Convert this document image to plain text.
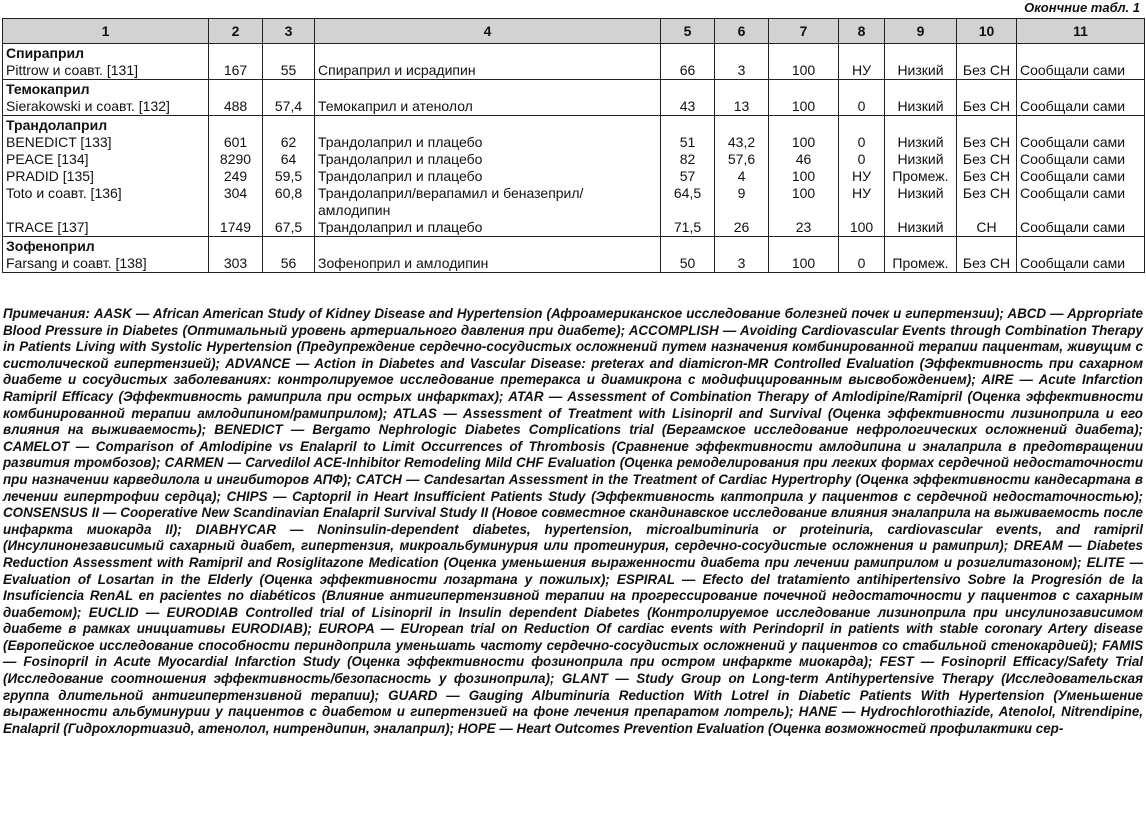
Окончние табл. 1
1	2	3	4	5	6	7	8	9	10	11
Спираприл										
Pittrow и соавт. [131]	167	55	Спираприл и исрадипин	66	3	100	НУ	Низкий	Без СН	Сообщали сами
Темокаприл										
Sierakowski и соавт. [132]	488	57,4	Темокаприл и атенолол	43	13	100	0	Низкий	Без СН	Сообщали сами
Трандолаприл										
BENEDICT [133]	601	62	Трандолаприл и плацебо	51	43,2	100	0	Низкий	Без СН	Сообщали сами
PEACE [134]	8290	64	Трандолаприл и плацебо	82	57,6	46	0	Низкий	Без СН	Сообщали сами
PRADID [135]	249	59,5	Трандолаприл и плацебо	57	4	100	НУ	Промеж.	Без СН	Сообщали сами
Toto и соавт. [136]	304	60,8	Трандолаприл/верапамил и беназеприл/ амлодипин	64,5	9	100	НУ	Низкий	Без СН	Сообщали сами
TRACE [137]	1749	67,5	Трандолаприл и плацебо	71,5	26	23	100	Низкий	СН	Сообщали сами
Зофеноприл										
Farsang и соавт. [138]	303	56	Зофеноприл и амлодипин	50	3	100	0	Промеж.	Без СН	Сообщали сами

Примечания: AASK — African American Study of Kidney Disease and Hypertension (Афроамериканское исследование болезней почек и гипертензии); ABCD — Appropriate Blood Pressure in Diabetes (Оптимальный уровень артериального давления при диабете); ACCOMPLISH — Avoiding Cardiovascular Events through Combination Therapy in Patients Living with Systolic Hypertension (Предупреждение сердечно-сосудистых осложнений путем назначения комбинированной терапии пациентам, живущим с систолической гипертензией); ADVANCE — Action in Diabetes and Vascular Disease: preterax and diamicron-MR Controlled Evaluation (Эффективность при сахарном диабете и сосудистых заболеваниях: контролируемое исследование претеракса и диамикрона с модифицированным высвобождением); AIRE — Acute Infarction Ramipril Efficacy (Эффективность рамиприла при острых инфарктах); ATAR — Assessment of Combination Therapy of Amlodipine/Ramipril (Оценка эффективности комбинированной терапии амлодипином/рамиприлом); ATLAS — Assessment of Treatment with Lisinopril and Survival (Оценка эффективности лизиноприла и его влияния на выживаемость); BENEDICT — Bergamo Nephrologic Diabetes Complications trial (Бергамское исследование нефрологических осложнений диабета); CAMELOT — Comparison of Amlodipine vs Enalapril to Limit Occurrences of Thrombosis (Сравнение эффективности амлодипина и эналаприла в предотвращении развития тромбозов); CARMEN — Carvedilol ACE-Inhibitor Remodeling Mild CHF Evaluation (Оценка ремоделирования при легких формах сердечной недостаточности при назначении карведилола и ингибиторов АПФ); CATCH — Candesartan Assessment in the Treatment of Cardiac Hypertrophy (Оценка эффективности кандесартана в лечении гипертрофии сердца); CHIPS — Captopril in Heart Insufficient Patients Study (Эффективность каптоприла у пациентов с сердечной недостаточностью); CONSENSUS II — Cooperative New Scandinavian Enalapril Survival Study II (Новое совместное скандинавское исследование влияния эналаприла на выживаемость после инфаркта миокарда II); DIABHYCAR — Noninsulin-dependent diabetes, hypertension, microalbuminuria or proteinuria, cardiovascular events, and ramipril (Инсулинонезависимый сахарный диабет, гипертензия, микроальбуминурия или протеинурия, сердечно-сосудистые осложнения и рамиприл); DREAM — Diabetes Reduction Assessment with Ramipril and Rosiglitazone Medication (Оценка уменьшения выраженности диабета при лечении рамиприлом и розиглитазоном); ELITE — Evaluation of Losartan in the Elderly (Оценка эффективности лозартана у пожилых); ESPIRAL — Efecto del tratamiento antihipertensivo Sobre la Progresión de la Insuficiencia RenAL en pacientes no diabéticos (Влияние антигипертензивной терапии на прогрессирование почечной недостаточности у пациентов с сахарным диабетом); EUCLID — EURODIAB Controlled trial of Lisinopril in Insulin dependent Diabetes (Контролируемое исследование лизиноприла при инсулинозависимом диабете в рамках инициативы EURODIAB); EUROPA — EUropean trial on Reduction Of cardiac events with Perindopril in patients with stable coronary Artery disease (Европейское исследование способности периндоприла уменьшать частоту сердечно-сосудистых осложнений у пациентов со стабильной стенокардией); FAMIS — Fosinopril in Acute Myocardial Infarction Study (Оценка эффективности фозиноприла при остром инфаркте миокарда); FEST — Fosinopril Efficacy/Safety Trial (Исследование соотношения эффективность/безопасность у фозиноприла); GLANT — Study Group on Long-term Antihypertensive Therapy (Исследовательская группа длительной антигипертензивной терапии); GUARD — Gauging Albuminuria Reduction With Lotrel in Diabetic Patients With Hypertension (Уменьшение выраженности альбуминурии у пациентов с диабетом и гипертензией на фоне лечения препаратом лотрель); HANE — Hydrochlorothiazide, Atenolol, Nitrendipine, Enalapril (Гидрохлортиазид, атенолол, нитрендипин, эналаприл); HOPE — Heart Outcomes Prevention Evaluation (Оценка возможностей профилактики сер-
